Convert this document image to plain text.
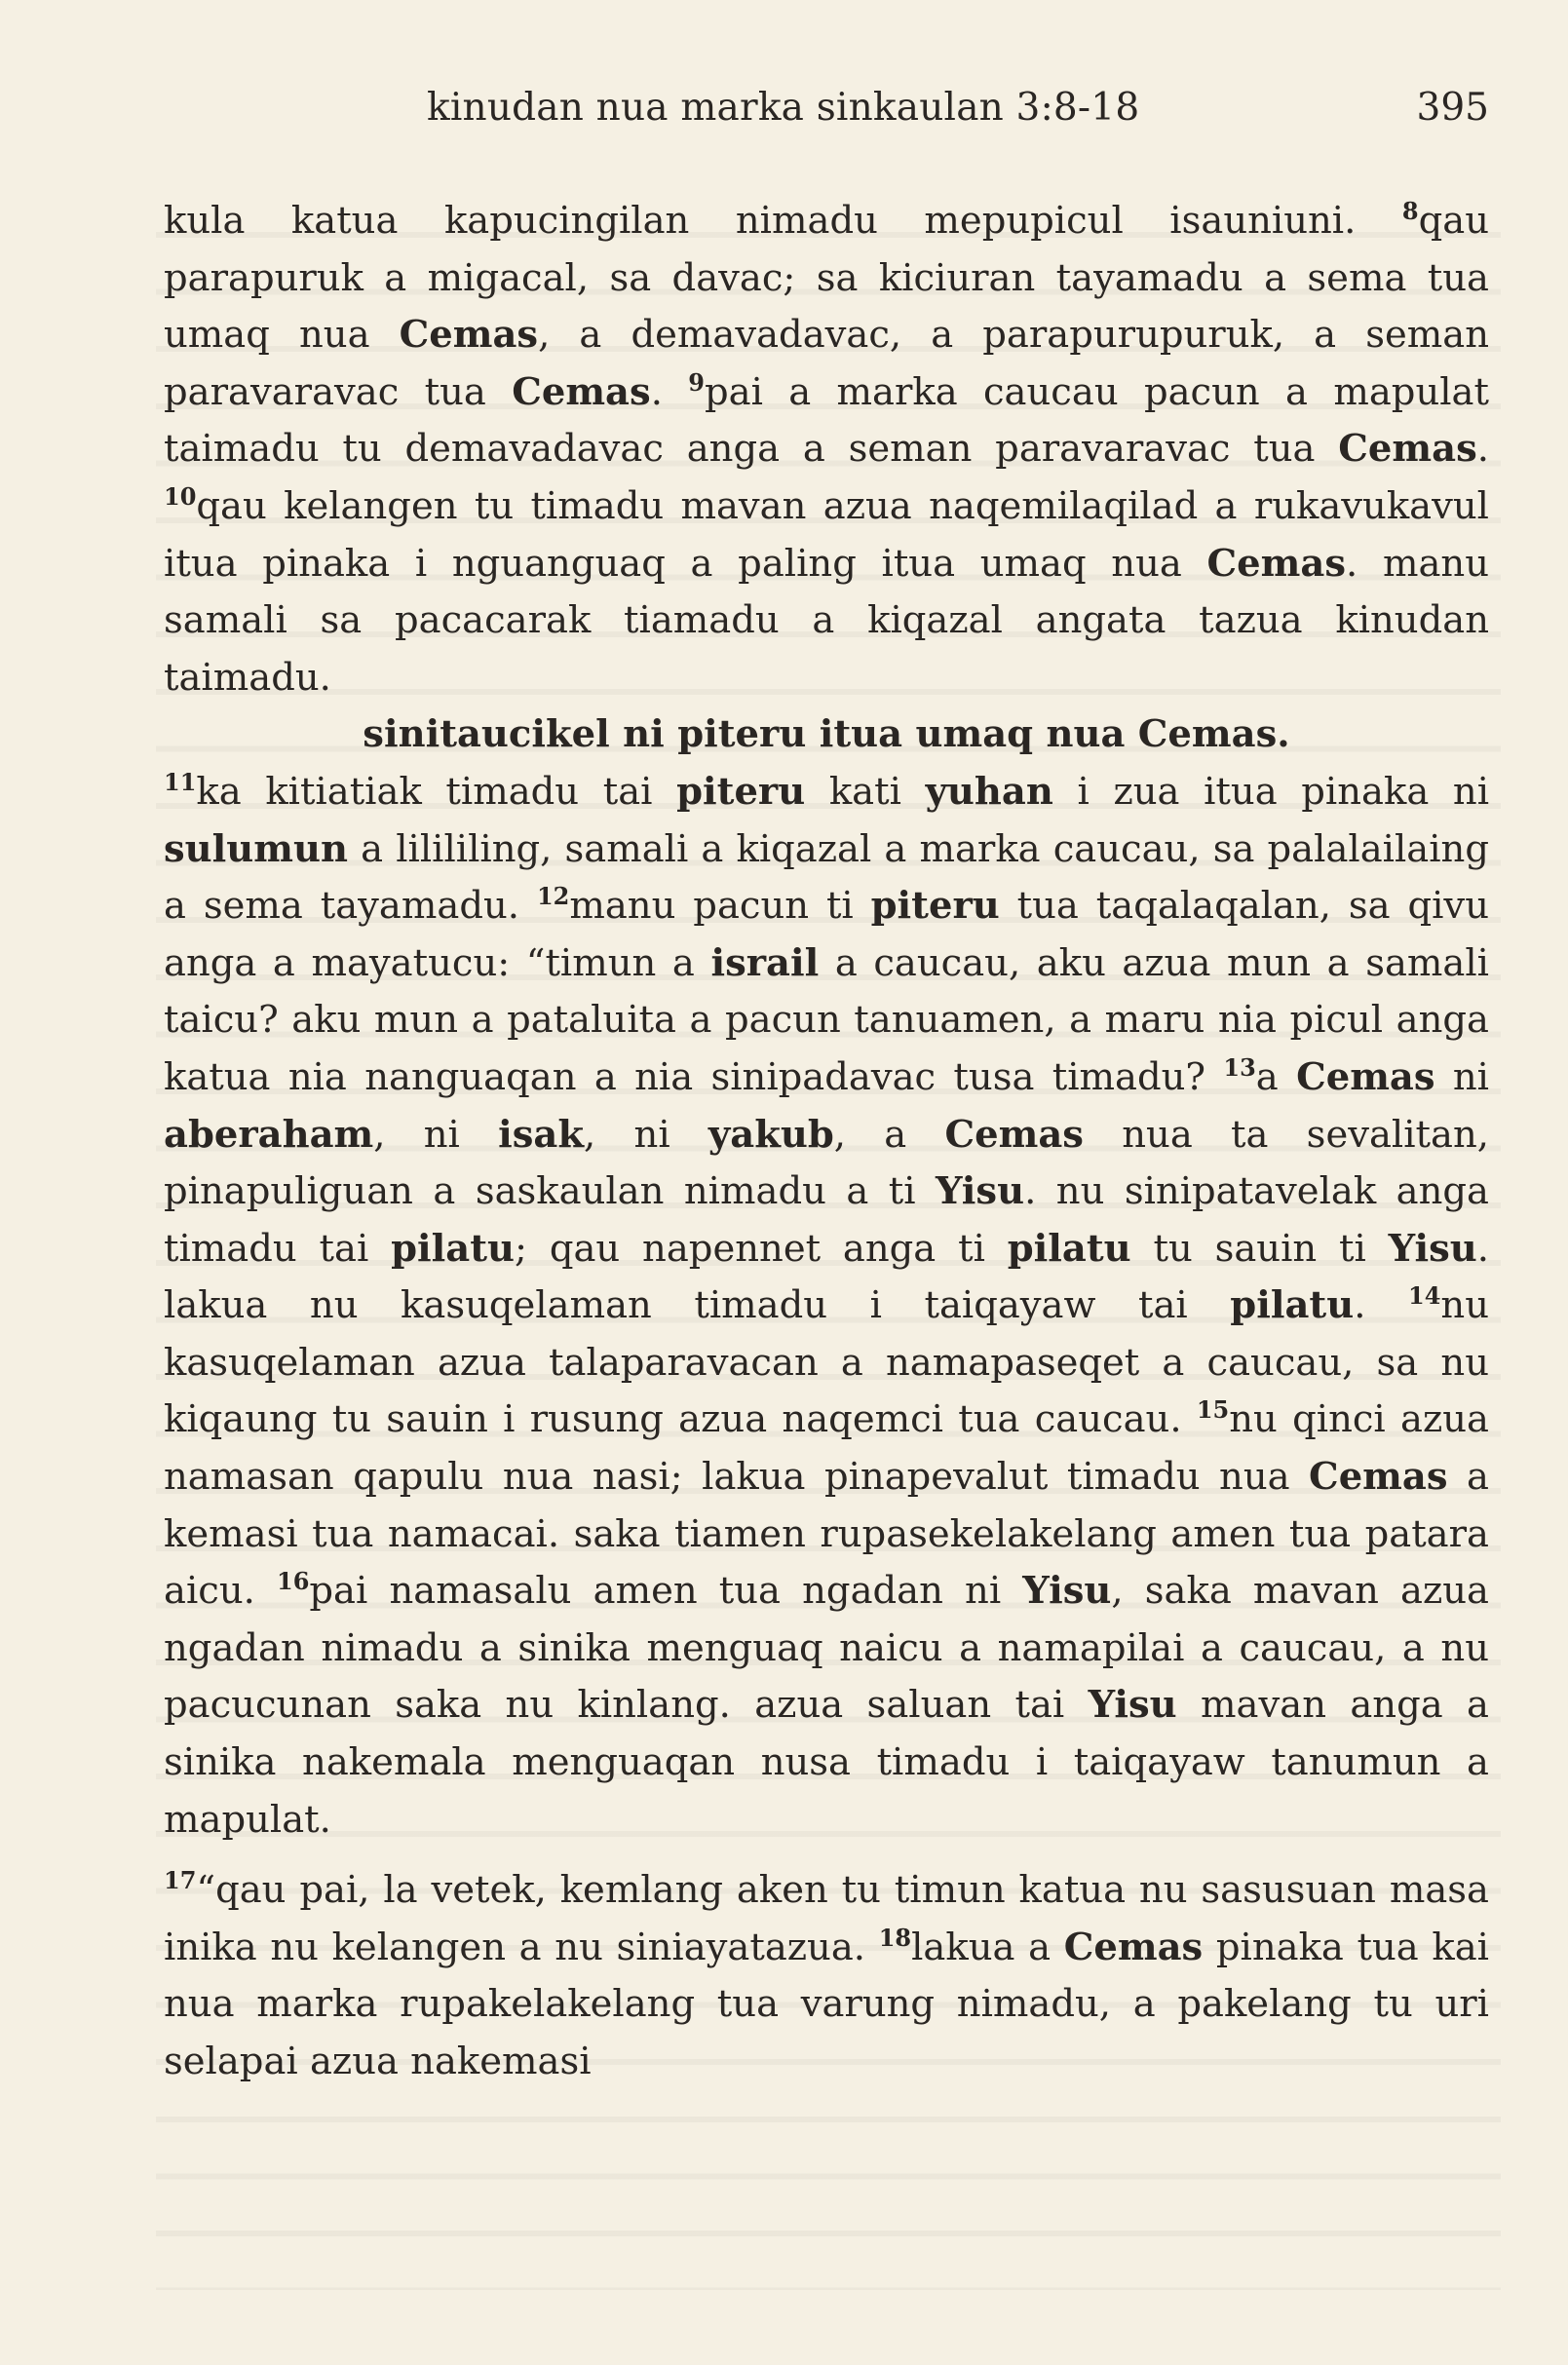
kinudan nua marka sinkaulan 3:8-18	395

kula katua kapucingilan nimadu mepupicul isauniuni. $^8$qau parapuruk a migacal, sa davac; sa kiciuran tayamadu a sema tua umaq nua Cemas, a demavadavac, a parapurupuruk, a seman paravaravac tua Cemas. $^9$pai a marka caucau pacun a mapulat taimadu tu demavadavac anga a seman paravaravac tua Cemas. $^{10}$qau kelangen tu timadu mavan azua naqemilaqilad a rukavukavul itua pinaka i nguanguaq a paling itua umaq nua Cemas. manu samali sa pacacarak tiamadu a kiqazal angata tazua kinudan taimadu.

sinitaucikel ni piteru itua umaq nua Cemas.

$^{11}$ka kitiatiak timadu tai piteru kati yuhan i zua itua pinaka ni sulumun a lilililing, samali a kiqazal a marka caucau, sa palalailaing a sema tayamadu. $^{12}$manu pacun ti piteru tua taqalaqalan, sa qivu anga a mayatucu: “timun a israil a caucau, aku azua mun a samali taicu? aku mun a pataluita a pacun tanuamen, a maru nia picul anga katua nia nanguaqan a nia sinipadavac tusa timadu? $^{13}$a Cemas ni aberaham, ni isak, ni yakub, a Cemas nua ta sevalitan, pinapuliguan a saskaulan nimadu a ti Yisu. nu sinipatavelak anga timadu tai pilatu; qau napennet anga ti pilatu tu sauin ti Yisu. lakua nu kasuqelaman timadu i taiqayaw tai pilatu. $^{14}$nu kasuqelaman azua talaparavacan a namapaseqet a caucau, sa nu kiqaung tu sauin i rusung azua naqemci tua caucau. $^{15}$nu qinci azua namasan qapulu nua nasi; lakua pinapevalut timadu nua Cemas a kemasi tua namacai. saka tiamen rupasekelakelang amen tua patara aicu. $^{16}$pai namasalu amen tua ngadan ni Yisu, saka mavan azua ngadan nimadu a sinika menguaq naicu a namapilai a caucau, a nu pacucunan saka nu kinlang. azua saluan tai Yisu mavan anga a sinika nakemala menguaqan nusa timadu i taiqayaw tanumun a mapulat.

$^{17}$“qau pai, la vetek, kemlang aken tu timun katua nu sasusuan masa inika nu kelangen a nu siniayatazua. $^{18}$lakua a Cemas pinaka tua kai nua marka rupakelakelang tua varung nimadu, a pakelang tu uri selapai azua nakemasi
